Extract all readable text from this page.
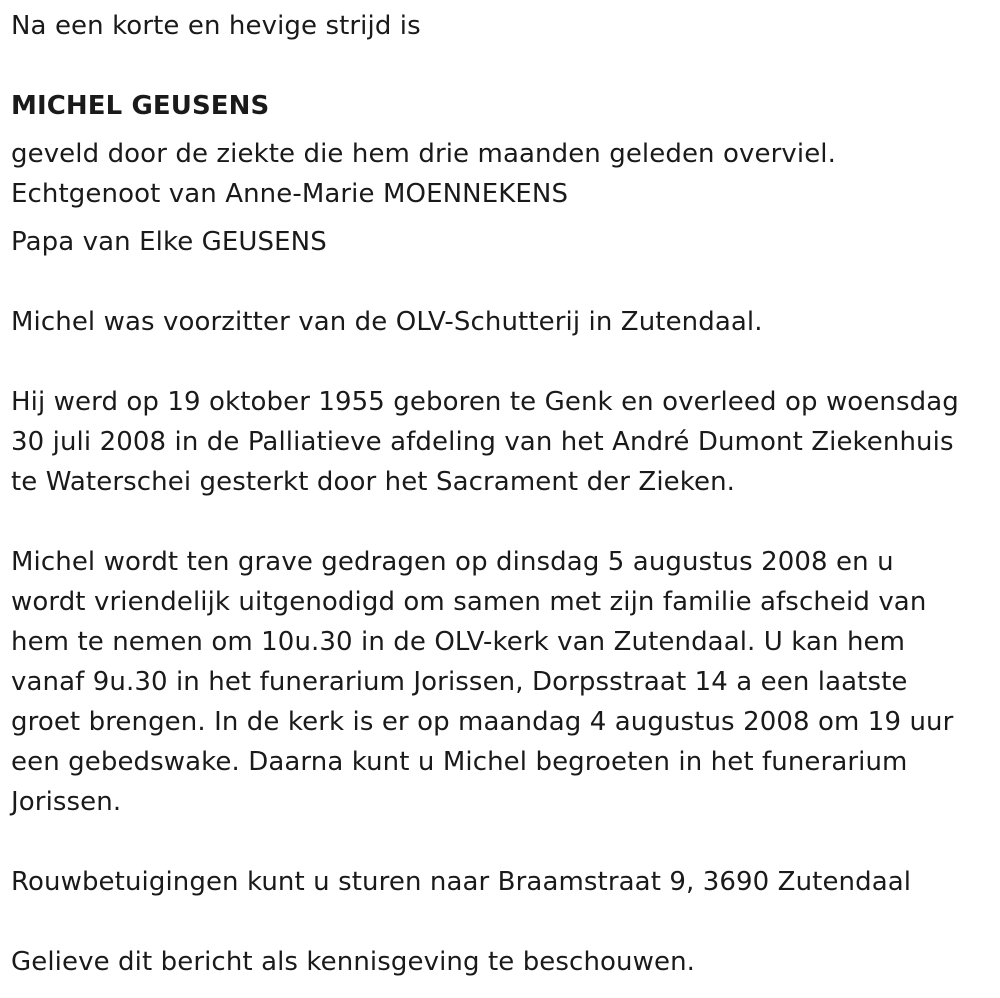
Na een korte en hevige strijd is
MICHEL GEUSENS
geveld door de ziekte die hem drie maanden geleden overviel.
Echtgenoot van Anne-Marie MOENNEKENS
Papa van Elke GEUSENS
Michel was voorzitter van de OLV-Schutterij in Zutendaal.
Hij werd op 19 oktober 1955 geboren te Genk en overleed op woensdag
30 juli 2008 in de Palliatieve afdeling van het André Dumont Ziekenhuis
te Waterschei gesterkt door het Sacrament der Zieken.
Michel wordt ten grave gedragen op dinsdag 5 augustus 2008 en u
wordt vriendelijk uitgenodigd om samen met zijn familie afscheid van
hem te nemen om 10u.30 in de OLV-kerk van Zutendaal. U kan hem
vanaf 9u.30 in het funerarium Jorissen, Dorpsstraat 14 a een laatste
groet brengen. In de kerk is er op maandag 4 augustus 2008 om 19 uur
een gebedswake. Daarna kunt u Michel begroeten in het funerarium
Jorissen.
Rouwbetuigingen kunt u sturen naar Braamstraat 9, 3690 Zutendaal
Gelieve dit bericht als kennisgeving te beschouwen.
